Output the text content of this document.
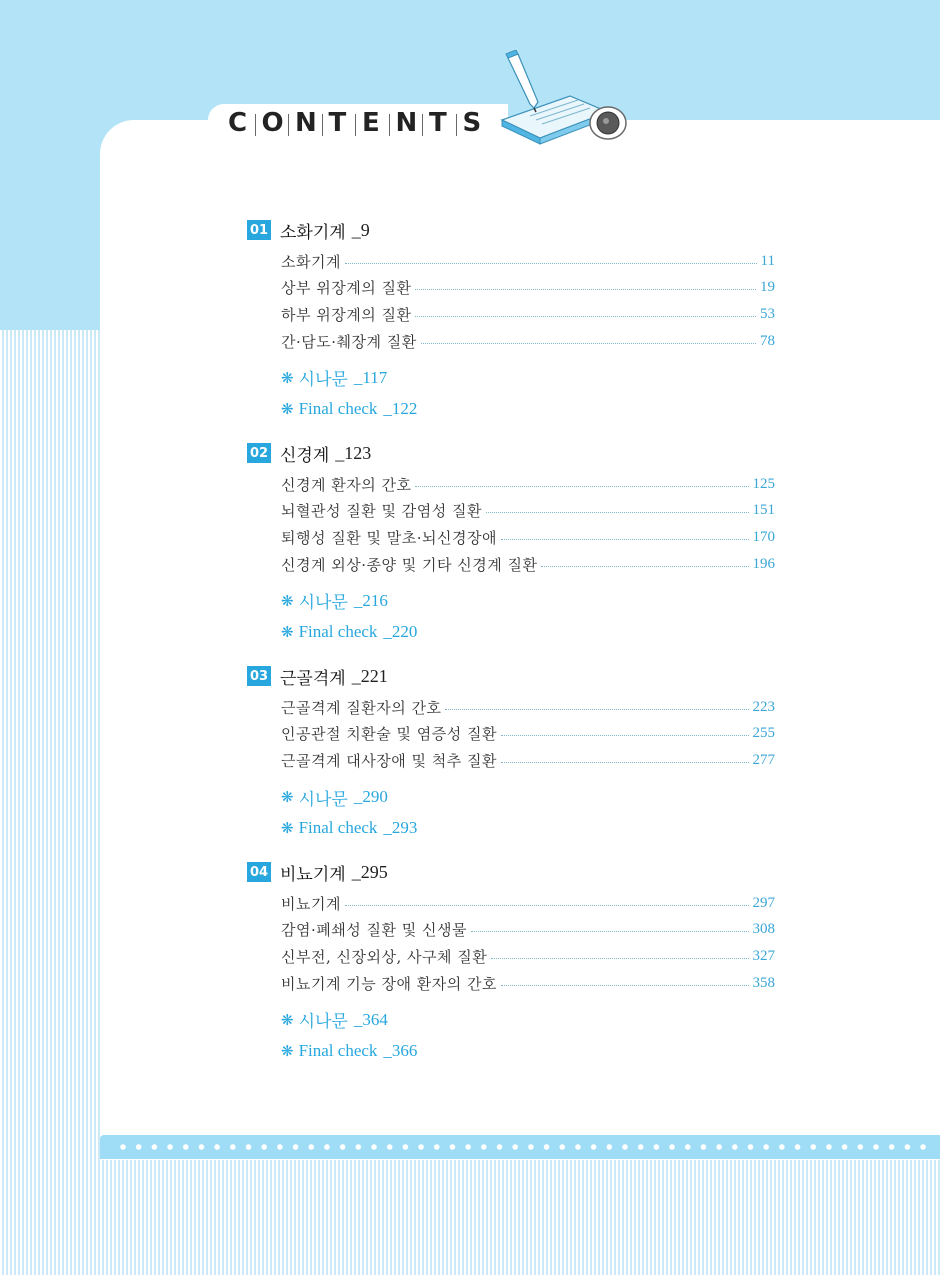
C O N T E N T S
01 소화기계 _9
소화기계	11
상부 위장계의 질환	19
하부 위장계의 질환	53
간·담도·췌장계 질환	78
❋ 시나문 _117
❋ Final check _122
02 신경계 _123
신경계 환자의 간호	125
뇌혈관성 질환 및 감염성 질환	151
퇴행성 질환 및 말초·뇌신경장애	170
신경계 외상·종양 및 기타 신경계 질환	196
❋ 시나문 _216
❋ Final check _220
03 근골격계 _221
근골격계 질환자의 간호	223
인공관절 치환술 및 염증성 질환	255
근골격계 대사장애 및 척추 질환	277
❋ 시나문 _290
❋ Final check _293
04 비뇨기계 _295
비뇨기계	297
감염·폐쇄성 질환 및 신생물	308
신부전, 신장외상, 사구체 질환	327
비뇨기계 기능 장애 환자의 간호	358
❋ 시나문 _364
❋ Final check _366
